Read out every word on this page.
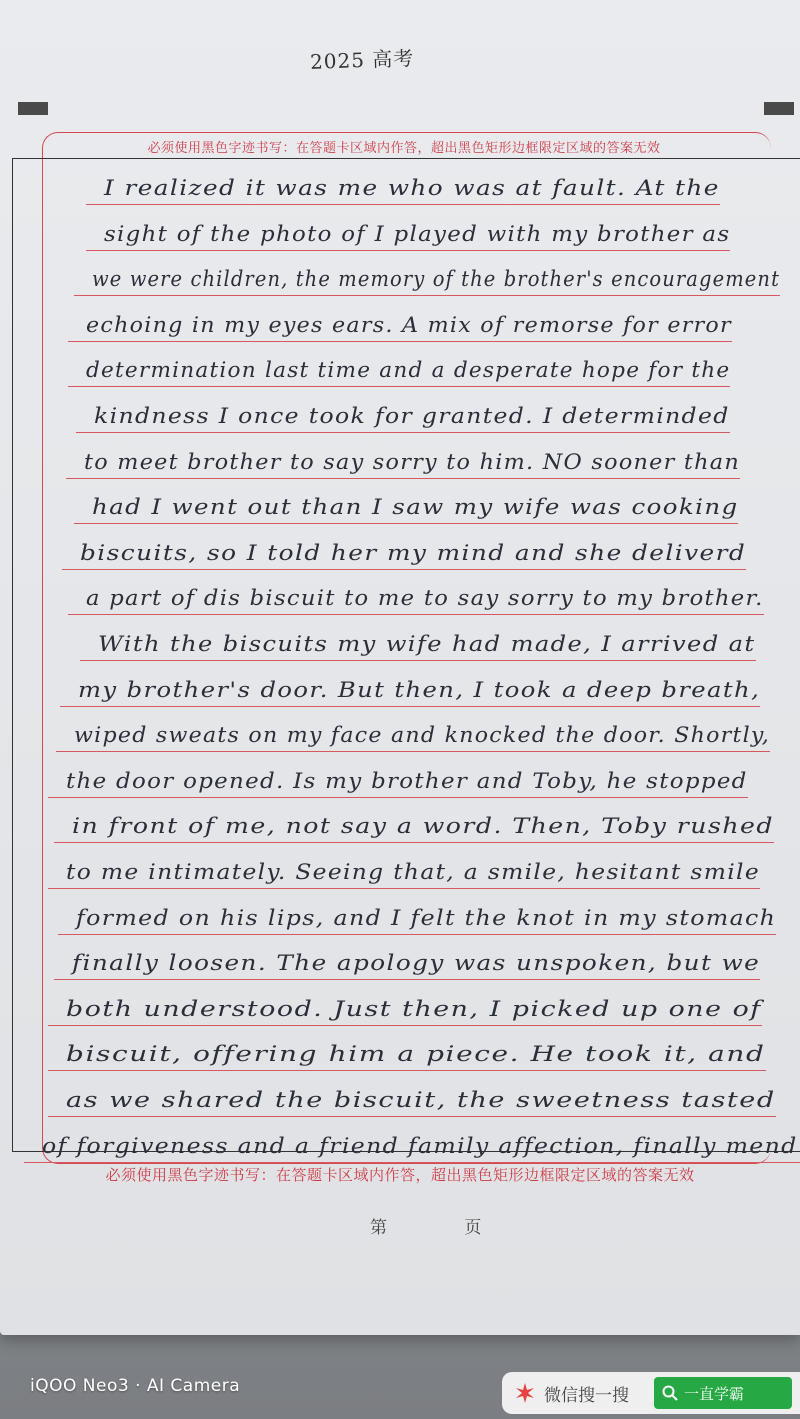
2025 高考
必须使用黑色字迹书写：在答题卡区域内作答，超出黑色矩形边框限定区域的答案无效
I realized it was me who was at fault. At the
sight of the photo of I played with my brother as
we were children, the memory of the brother's encouragement
echoing in my eyes ears. A mix of remorse for error
determination last time and a desperate hope for the
kindness I once took for granted. I determinded
to meet brother to say sorry to him. NO sooner than
had I went out than I saw my wife was cooking
biscuits, so I told her my mind and she deliverd
a part of dis biscuit to me to say sorry to my brother.
With the biscuits my wife had made, I arrived at
my brother's door. But then, I took a deep breath,
wiped sweats on my face and knocked the door. Shortly,
the door opened. Is my brother and Toby, he stopped
in front of me, not say a word. Then, Toby rushed
to me intimately. Seeing that, a smile, hesitant smile
formed on his lips, and I felt the knot in my stomach
finally loosen. The apology was unspoken, but we
both understood. Just then, I picked up one of
biscuit, offering him a piece. He took it, and
as we shared the biscuit, the sweetness tasted
of forgiveness and a friend family affection, finally mend
必须使用黑色字迹书写：在答题卡区域内作答，超出黑色矩形边框限定区域的答案无效
第 页
iQOO Neo3 · AI Camera	微信搜一搜	一直学霸
